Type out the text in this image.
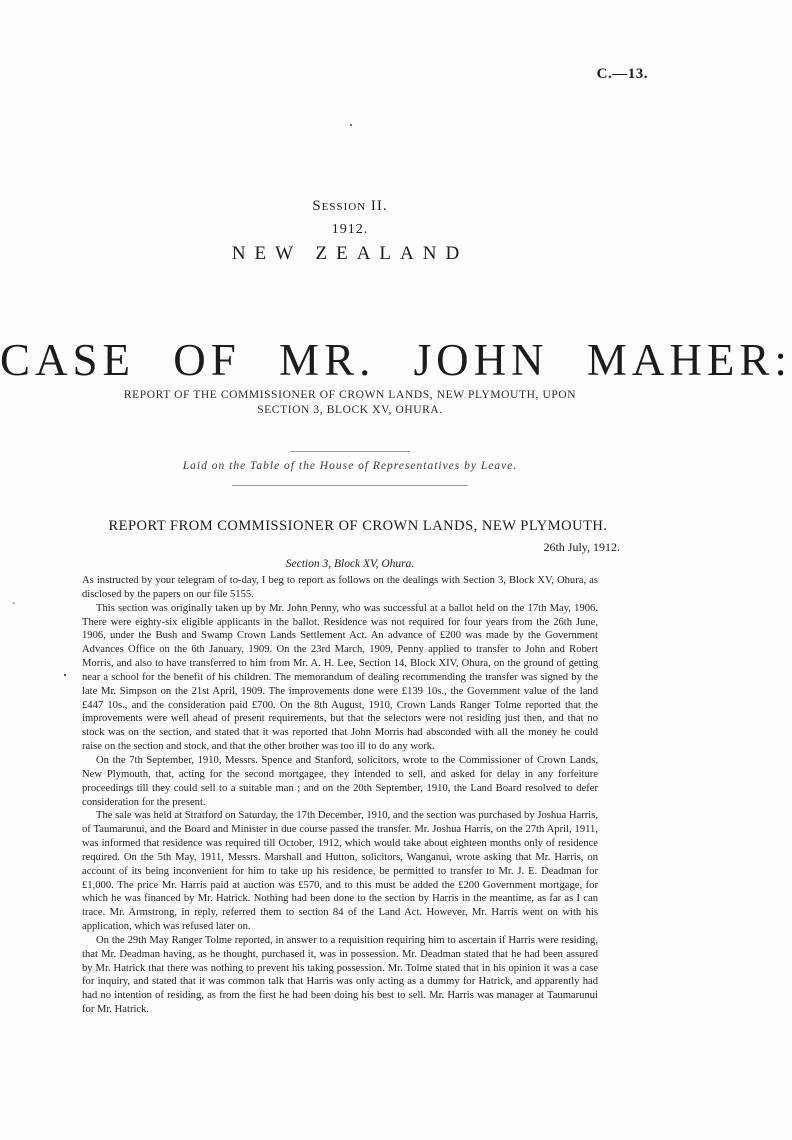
C.—13.
Session II.
1912.
NEW ZEALAND
CASE OF MR. JOHN MAHER:
REPORT OF THE COMMISSIONER OF CROWN LANDS, NEW PLYMOUTH, UPON SECTION 3, BLOCK XV, OHURA.
Laid on the Table of the House of Representatives by Leave.
REPORT FROM COMMISSIONER OF CROWN LANDS, NEW PLYMOUTH.
26th July, 1912.
Section 3, Block XV, Ohura.
-

As instructed by your telegram of to-day, I beg to report as follows on the dealings with Section 3, Block XV, Ohura, as disclosed by the papers on our file 5155.

This section was originally taken up by Mr. John Penny, who was successful at a ballot held on the 17th May, 1906. There were eighty-six eligible applicants in the ballot. Residence was not required for four years from the 26th June, 1906, under the Bush and Swamp Crown Lands Settlement Act. An advance of £200 was made by the Government Advances Office on the 6th January, 1909. On the 23rd March, 1909, Penny applied to transfer to John and Robert Morris, and also to have transferred to him from Mr. A. H. Lee, Section 14, Block XIV, Ohura, on the ground of getting near a school for the benefit of his children. The memorandum of dealing recommending the transfer was signed by the late Mr. Simpson on the 21st April, 1909. The improvements done were £139 10s., the Government value of the land £447 10s., and the consideration paid £700. On the 8th August, 1910, Crown Lands Ranger Tolme reported that the improvements were well ahead of present requirements, but that the selectors were not residing just then, and that no stock was on the section, and stated that it was reported that John Morris had absconded with all the money he could raise on the section and stock, and that the other brother was too ill to do any work.

On the 7th September, 1910, Messrs. Spence and Stanford, solicitors, wrote to the Commissioner of Crown Lands, New Plymouth, that, acting for the second mortgagee, they intended to sell, and asked for delay in any forfeiture proceedings till they could sell to a suitable man ; and on the 20th September, 1910, the Land Board resolved to defer consideration for the present.

The sale was held at Stratford on Saturday, the 17th December, 1910, and the section was purchased by Joshua Harris, of Taumarunui, and the Board and Minister in due course passed the transfer. Mr. Joshua Harris, on the 27th April, 1911, was informed that residence was required till October, 1912, which would take about eighteen months only of residence required. On the 5th May, 1911, Messrs. Marshall and Hutton, solicitors, Wanganui, wrote asking that Mr. Harris, on account of its being inconvenient for him to take up his residence, be permitted to transfer to Mr. J. E. Deadman for £1,000. The price Mr. Harris paid at auction was £570, and to this must be added the £200 Government mortgage, for which he was financed by Mr. Hatrick. Nothing had been done to the section by Harris in the meantime, as far as I can trace. Mr. Armstrong, in reply, referred them to section 84 of the Land Act. However, Mr. Harris went on with his application, which was refused later on.

On the 29th May Ranger Tolme reported, in answer to a requisition requiring him to ascertain if Harris were residing, that Mr. Deadman having, as he thought, purchased it, was in possession. Mr. Deadman stated that he had been assured by Mr. Hatrick that there was nothing to prevent his taking possession. Mr. Tolme stated that in his opinion it was a case for inquiry, and stated that it was common talk that Harris was only acting as a dummy for Hatrick, and apparently had had no intention of residing, as from the first he had been doing his best to sell. Mr. Harris was manager at Taumarunui for Mr. Hatrick.
